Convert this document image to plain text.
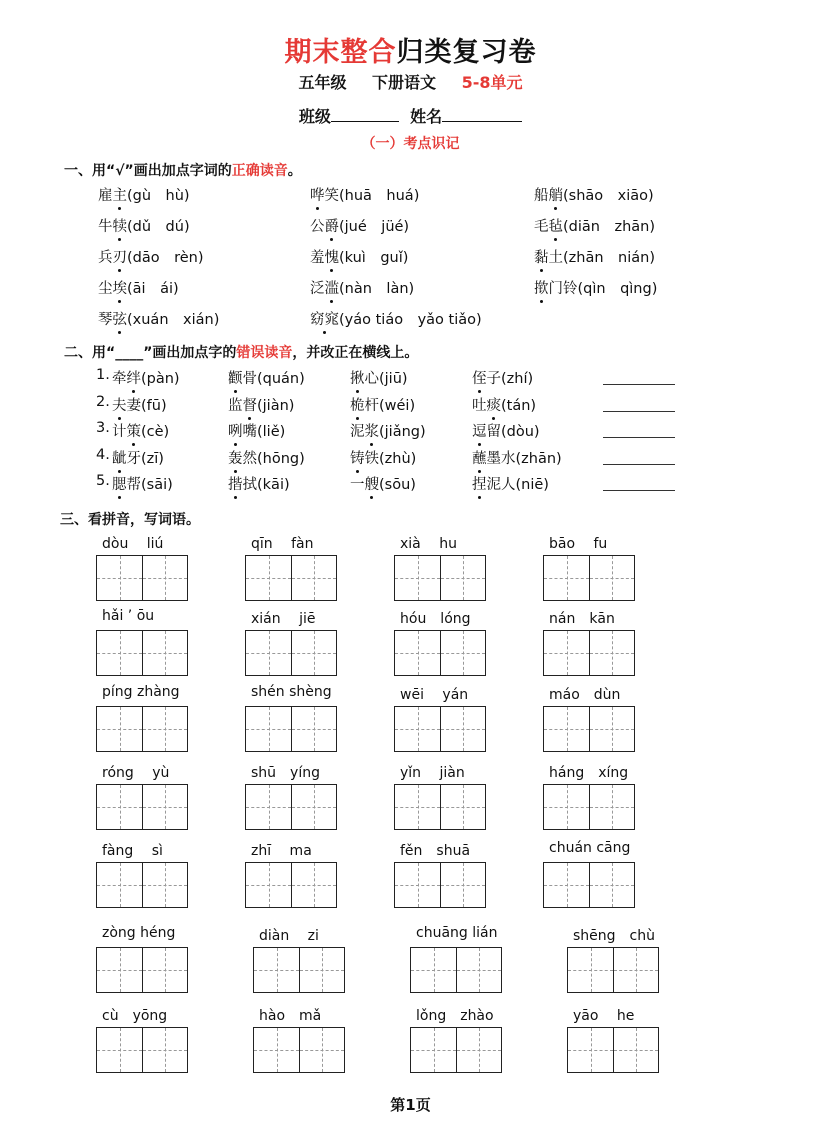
期末整合归类复习卷
五年级 下册语文 5-8单元
班级	姓名
（一）考点识记
一、用“√”画出加点字词的正确读音。
雇主(gù　hù)	哗笑(huā　huá)	船艄(shāo　xiāo)
牛犊(dǔ　dú)	公爵(jué　jüé)	毛毡(diān　zhān)
兵刃(dāo　rèn)	羞愧(kuì　guǐ)	黏土(zhān　nián)
尘埃(āi　ái)	泛滥(nàn　làn)	揿门铃(qìn　qìng)
琴弦(xuán　xián)	窈窕(yáo tiáo　yǎo tiǎo)
二、用“____”画出加点字的错误读音，并改正在横线上。
1. 牵绊(pàn)	颧骨(quán)	揪心(jiū)	侄子(zhí)
2. 夫妻(fū)	监督(jiàn)	桅杆(wéi)	吐痰(tán)
3. 计策(cè)	咧嘴(liě)	泥浆(jiǎng)	逗留(dòu)
4. 龇牙(zī)	轰然(hōng)	铸铁(zhù)	蘸墨水(zhān)
5. 腮帮(sāi)	揩拭(kāi)	一艘(sōu)	捏泥人(niē)
三、看拼音，写词语。
dòu　 liú	qīn　 fàn	xià　 hu	bāo　 fu
hǎi ’ ōu	xián　 jiē	hóu　lóng	nán　kān
píng zhàng	shén shèng	wēi　 yán	máo　dùn
róng　 yù	shū　yíng	yǐn　 jiàn	háng　xíng
fàng　 sì	zhī　 ma	fěn　shuā	chuán cāng
zòng héng	diàn　 zi	chuāng lián	shēng　chù
cù　yōng	hào　mǎ	lǒng　zhào	yāo　 he
第1页
